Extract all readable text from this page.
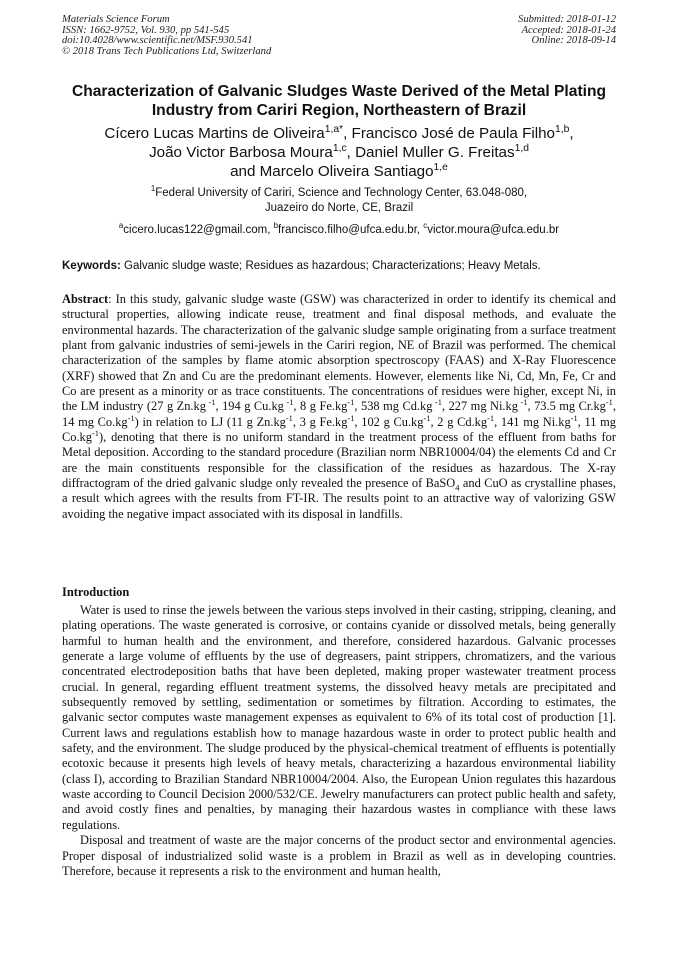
Materials Science Forum
ISSN: 1662-9752, Vol. 930, pp 541-545
doi:10.4028/www.scientific.net/MSF.930.541
© 2018 Trans Tech Publications Ltd, Switzerland
Submitted: 2018-01-12
Accepted: 2018-01-24
Online: 2018-09-14
Characterization of Galvanic Sludges Waste Derived of the Metal Plating Industry from Cariri Region, Northeastern of Brazil
Cícero Lucas Martins de Oliveira$^{1,a*}$, Francisco José de Paula Filho$^{1,b}$,
João Victor Barbosa Moura$^{1,c}$, Daniel Muller G. Freitas$^{1,d}$
and Marcelo Oliveira Santiago$^{1,e}$
$^1$Federal University of Cariri, Science and Technology Center, 63.048-080,
Juazeiro do Norte, CE, Brazil
$^a$cicero.lucas122@gmail.com, $^b$francisco.filho@ufca.edu.br, $^c$victor.moura@ufca.edu.br
Keywords: Galvanic sludge waste; Residues as hazardous; Characterizations; Heavy Metals.
Abstract: In this study, galvanic sludge waste (GSW) was characterized in order to identify its chemical and structural properties, allowing indicate reuse, treatment and final disposal methods, and evaluate the environmental hazards. The characterization of the galvanic sludge sample originating from a surface treatment plant from galvanic industries of semi-jewels in the Cariri region, NE of Brazil was performed. The chemical characterization of the samples by flame atomic absorption spectroscopy (FAAS) and X-Ray Fluorescence (XRF) showed that Zn and Cu are the predominant elements. However, elements like Ni, Cd, Mn, Fe, Cr and Co are present as a minority or as trace constituents. The concentrations of residues were higher, except Ni, in the LM industry (27 g Zn.kg $^{-1}$, 194 g Cu.kg $^{-1}$, 8 g $Fe.kg^{-1}$, 538 mg Cd.kg $^{-1}$, 227 mg Ni.kg $^{-1}$, 73.5 mg $Cr.kg^{-1}$, 14 mg $Co.kg^{-1}$) in relation to LJ (11 g $Zn.kg^{-1}$, 3 g $Fe.kg^{-1}$, 102 g $Cu.kg^{-1}$, 2 g $Cd.kg^{-1}$, 141 mg $Ni.kg^{-1}$, 11 mg $Co.kg^{-1}$), denoting that there is no uniform standard in the treatment process of the effluent from baths for Metal deposition. According to the standard procedure (Brazilian norm NBR10004/04) the elements Cd and Cr are the main constituents responsible for the classification of the residues as hazardous. The X-ray diffractogram of the dried galvanic sludge only revealed the presence of BaSO$_4$ and CuO as crystalline phases, a result which agrees with the results from FT-IR. The results point to an attractive way of valorizing GSW avoiding the negative impact associated with its disposal in landfills.
Introduction

Water is used to rinse the jewels between the various steps involved in their casting, stripping, cleaning, and plating operations. The waste generated is corrosive, or contains cyanide or dissolved metals, being generally harmful to human health and the environment, and therefore, considered hazardous. Galvanic processes generate a large volume of effluents by the use of degreasers, paint strippers, chromatizers, and the various concentrated electrodeposition baths that have been depleted, making proper wastewater treatment process crucial. In general, regarding effluent treatment systems, the dissolved heavy metals are precipitated and subsequently removed by settling, sedimentation or sometimes by filtration. According to estimates, the galvanic sector computes waste management expenses as equivalent to 6% of its total cost of production [1]. Current laws and regulations establish how to manage hazardous waste in order to protect public health and safety, and the environment. The sludge produced by the physical-chemical treatment of effluents is potentially ecotoxic because it presents high levels of heavy metals, characterizing a hazardous environmental liability (class I), according to Brazilian Standard NBR10004/2004. Also, the European Union regulates this hazardous waste according to Council Decision 2000/532/CE. Jewelry manufacturers can protect public health and safety, and avoid costly fines and penalties, by managing their hazardous wastes in compliance with these laws regulations.

Disposal and treatment of waste are the major concerns of the product sector and environmental agencies. Proper disposal of industrialized solid waste is a problem in Brazil as well as in developing countries. Therefore, because it represents a risk to the environment and human health,
